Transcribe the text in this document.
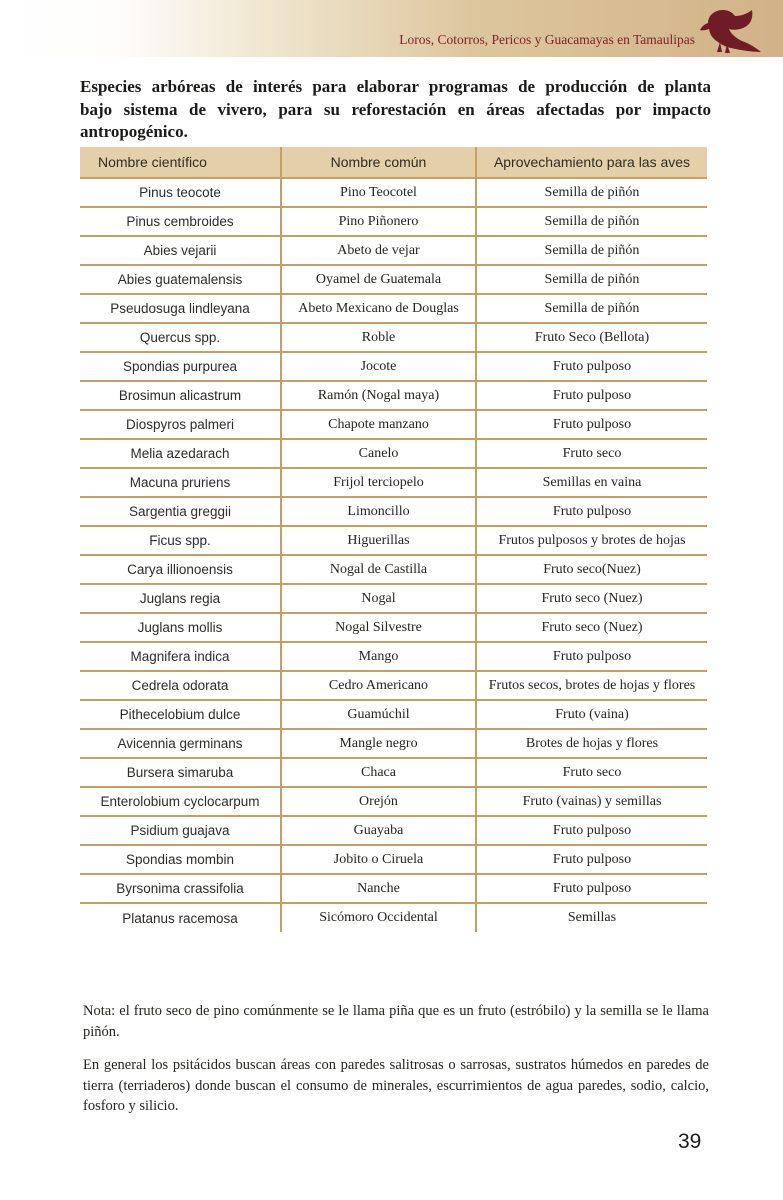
Loros, Cotorros, Pericos y Guacamayas en Tamaulipas

Especies arbóreas de interés para elaborar programas de producción de planta bajo sistema de vivero, para su reforestación en áreas afectadas por impacto antropogénico.

Nombre científico	Nombre común	Aprovechamiento para las aves
Pinus teocote	Pino Teocotel	Semilla de piñón
Pinus cembroides	Pino Piñonero	Semilla de piñón
Abies vejarii	Abeto de vejar	Semilla de piñón
Abies guatemalensis	Oyamel de Guatemala	Semilla de piñón
Pseudosuga lindleyana	Abeto Mexicano de Douglas	Semilla de piñón
Quercus spp.	Roble	Fruto Seco (Bellota)
Spondias purpurea	Jocote	Fruto pulposo
Brosimun alicastrum	Ramón (Nogal maya)	Fruto pulposo
Diospyros palmeri	Chapote manzano	Fruto pulposo
Melia azedarach	Canelo	Fruto seco
Macuna pruriens	Frijol terciopelo	Semillas en vaina
Sargentia greggii	Limoncillo	Fruto pulposo
Ficus spp.	Higuerillas	Frutos pulposos y brotes de hojas
Carya illionoensis	Nogal de Castilla	Fruto seco(Nuez)
Juglans regia	Nogal	Fruto seco (Nuez)
Juglans mollis	Nogal Silvestre	Fruto seco (Nuez)
Magnifera indica	Mango	Fruto pulposo
Cedrela odorata	Cedro Americano	Frutos secos, brotes de hojas y flores
Pithecelobium dulce	Guamúchil	Fruto (vaina)
Avicennia germinans	Mangle negro	Brotes de hojas y flores
Bursera simaruba	Chaca	Fruto seco
Enterolobium cyclocarpum	Orejón	Fruto (vainas) y semillas
Psidium guajava	Guayaba	Fruto pulposo
Spondias mombin	Jobito o Ciruela	Fruto pulposo
Byrsonima crassifolia	Nanche	Fruto pulposo
Platanus racemosa	Sicómoro Occidental	Semillas

Nota: el fruto seco de pino comúnmente se le llama piña que es un fruto (estróbilo) y la semilla se le llama piñón.

En general los psitácidos buscan áreas con paredes salitrosas o sarrosas, sustratos húmedos en paredes de tierra (terriaderos) donde buscan el consumo de minerales, escurrimientos de agua paredes, sodio, calcio, fosforo y silicio.

39
